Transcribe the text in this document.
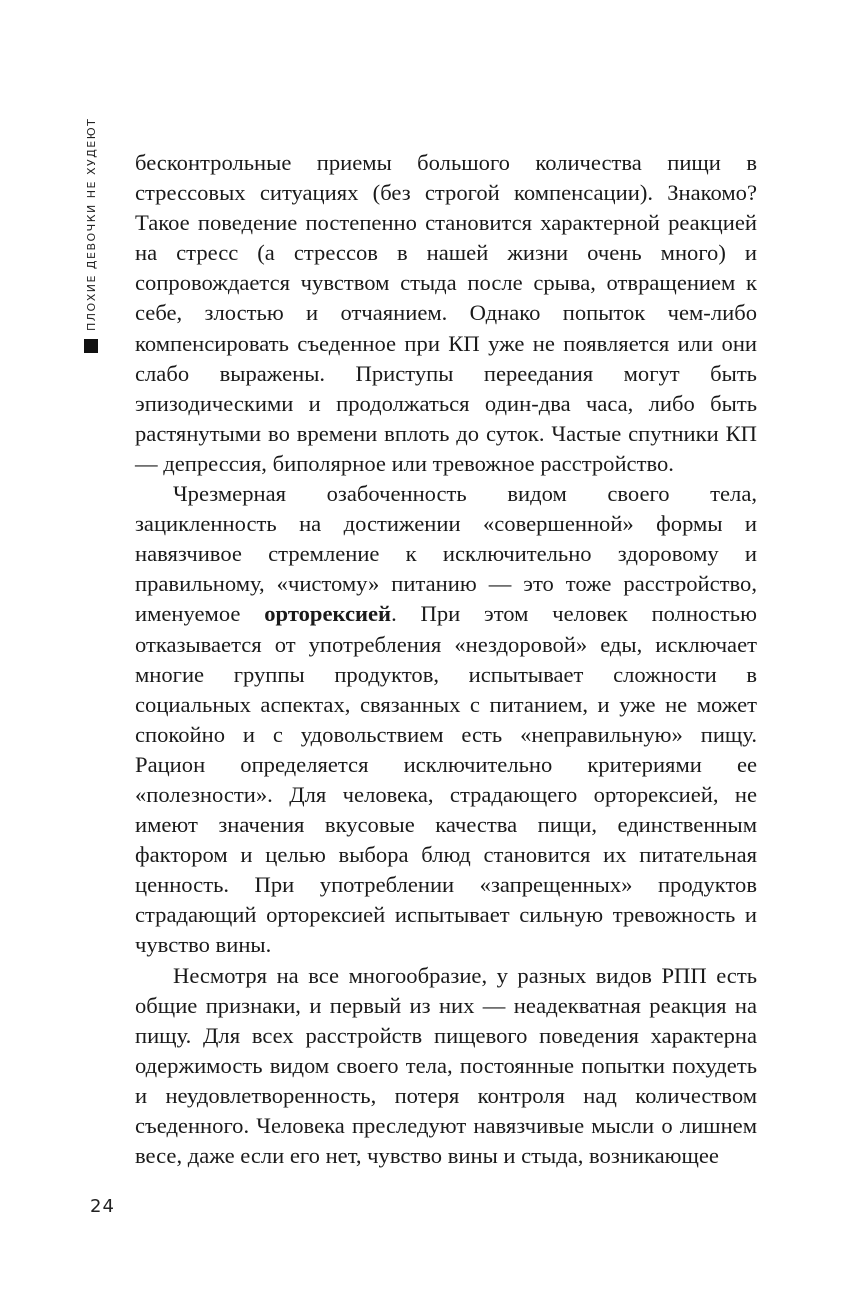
ПЛОХИЕ ДЕВОЧКИ НЕ ХУДЕЮТ бесконтрольные приемы большого количества пищи в стрессовых ситуациях (без строгой компенсации). Знакомо? Такое поведение постепенно становится характерной реакцией на стресс (а стрессов в нашей жизни очень много) и сопровождается чувством стыда после срыва, отвращением к себе, злостью и отчаянием. Однако попыток чем-либо компенсировать съеденное при КП уже не появляется или они слабо выражены. Приступы переедания могут быть эпизодическими и продолжаться один-два часа, либо быть растянутыми во времени вплоть до суток. Частые спутники КП — депрессия, биполярное или тревожное расстройство.

Чрезмерная озабоченность видом своего тела, зацикленность на достижении «совершенной» формы и навязчивое стремление к исключительно здоровому и правильному, «чистому» питанию — это тоже расстройство, именуемое орторексией. При этом человек полностью отказывается от употребления «нездоровой» еды, исключает многие группы продуктов, испытывает сложности в социальных аспектах, связанных с питанием, и уже не может спокойно и с удовольствием есть «неправильную» пищу. Рацион определяется исключительно критериями ее «полезности». Для человека, страдающего орторексией, не имеют значения вкусовые качества пищи, единственным фактором и целью выбора блюд становится их питательная ценность. При употреблении «запрещенных» продуктов страдающий орторексией испытывает сильную тревожность и чувство вины.

Несмотря на все многообразие, у разных видов РПП есть общие признаки, и первый из них — неадекватная реакция на пищу. Для всех расстройств пищевого поведения характерна одержимость видом своего тела, постоянные попытки похудеть и неудовлетворенность, потеря контроля над количеством съеденного. Человека преследуют навязчивые мысли о лишнем весе, даже если его нет, чувство вины и стыда, возникающее

24
